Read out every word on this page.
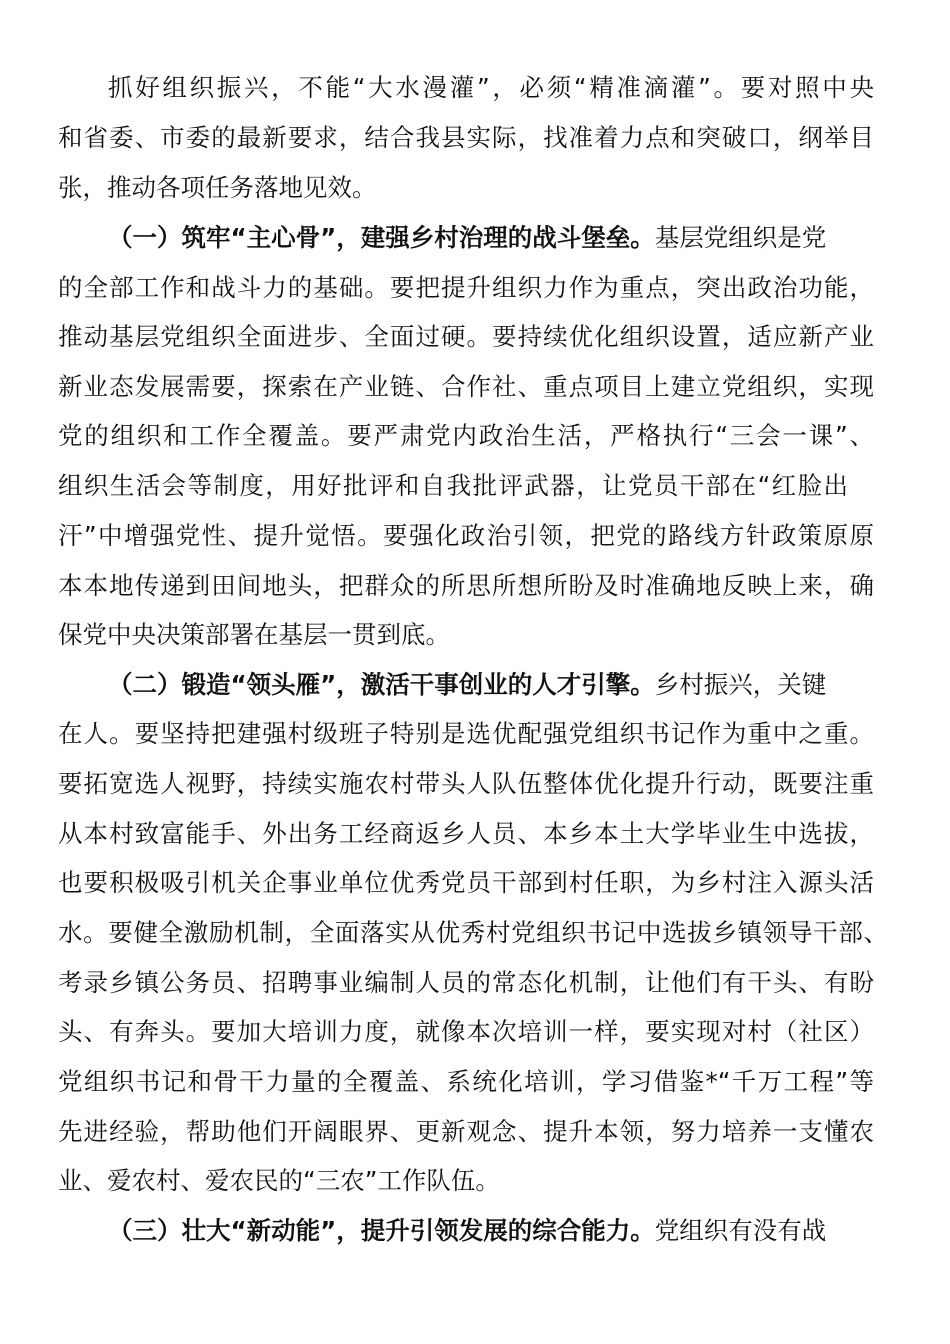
抓好组织振兴，不能“大水漫灌”，必须“精准滴灌”。要对照中央
和省委、市委的最新要求，结合我县实际，找准着力点和突破口，纲举目
张，推动各项任务落地见效。
（一）筑牢“主心骨”，建强乡村治理的战斗堡垒。基层党组织是党
的全部工作和战斗力的基础。要把提升组织力作为重点，突出政治功能，
推动基层党组织全面进步、全面过硬。要持续优化组织设置，适应新产业
新业态发展需要，探索在产业链、合作社、重点项目上建立党组织，实现
党的组织和工作全覆盖。要严肃党内政治生活，严格执行“三会一课”、
组织生活会等制度，用好批评和自我批评武器，让党员干部在“红脸出
汗”中增强党性、提升觉悟。要强化政治引领，把党的路线方针政策原原
本本地传递到田间地头，把群众的所思所想所盼及时准确地反映上来，确
保党中央决策部署在基层一贯到底。
（二）锻造“领头雁”，激活干事创业的人才引擎。乡村振兴，关键
在人。要坚持把建强村级班子特别是选优配强党组织书记作为重中之重。
要拓宽选人视野，持续实施农村带头人队伍整体优化提升行动，既要注重
从本村致富能手、外出务工经商返乡人员、本乡本土大学毕业生中选拔，
也要积极吸引机关企事业单位优秀党员干部到村任职，为乡村注入源头活
水。要健全激励机制，全面落实从优秀村党组织书记中选拔乡镇领导干部、
考录乡镇公务员、招聘事业编制人员的常态化机制，让他们有干头、有盼
头、有奔头。要加大培训力度，就像本次培训一样，要实现对村（社区）
党组织书记和骨干力量的全覆盖、系统化培训，学习借鉴*“千万工程”等
先进经验，帮助他们开阔眼界、更新观念、提升本领，努力培养一支懂农
业、爱农村、爱农民的“三农”工作队伍。
（三）壮大“新动能”，提升引领发展的综合能力。党组织有没有战
